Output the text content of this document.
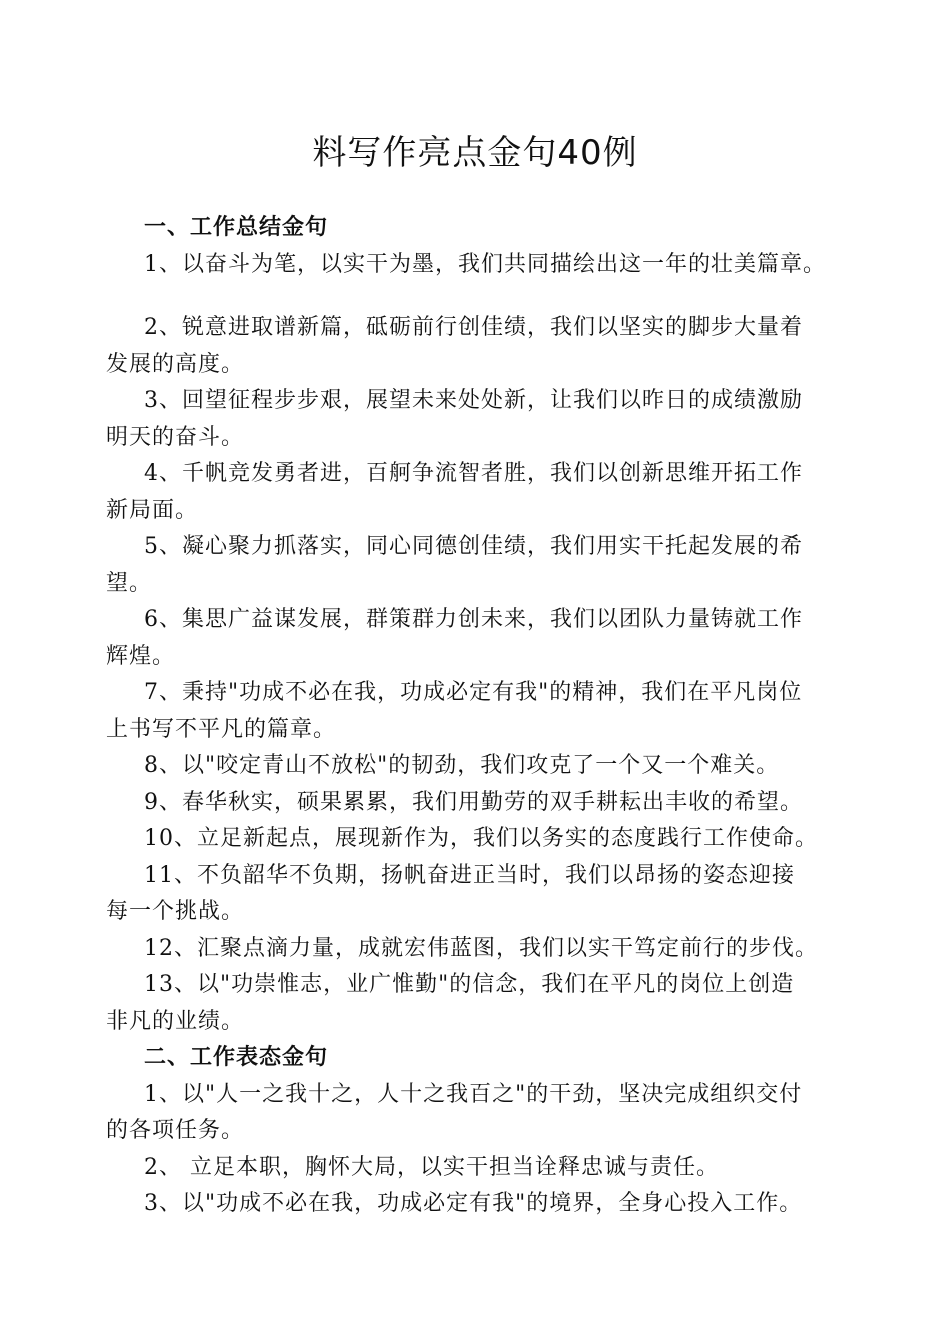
料写作亮点金句40例
一、工作总结金句
1、以奋斗为笔，以实干为墨，我们共同描绘出这一年的壮美篇章。
2、锐意进取谱新篇，砥砺前行创佳绩，我们以坚实的脚步大量着
发展的高度。
3、回望征程步步艰，展望未来处处新，让我们以昨日的成绩激励
明天的奋斗。
4、千帆竞发勇者进，百舸争流智者胜，我们以创新思维开拓工作
新局面。
5、凝心聚力抓落实，同心同德创佳绩，我们用实干托起发展的希
望。
6、集思广益谋发展，群策群力创未来，我们以团队力量铸就工作
辉煌。
7、秉持"功成不必在我，功成必定有我"的精神，我们在平凡岗位
上书写不平凡的篇章。
8、以"咬定青山不放松"的韧劲，我们攻克了一个又一个难关。
9、春华秋实，硕果累累，我们用勤劳的双手耕耘出丰收的希望。
10、立足新起点，展现新作为，我们以务实的态度践行工作使命。
11、不负韶华不负期，扬帆奋进正当时，我们以昂扬的姿态迎接
每一个挑战。
12、汇聚点滴力量，成就宏伟蓝图，我们以实干笃定前行的步伐。
13、以"功崇惟志，业广惟勤"的信念，我们在平凡的岗位上创造
非凡的业绩。
二、工作表态金句
1、以"人一之我十之，人十之我百之"的干劲，坚决完成组织交付
的各项任务。
2、 立足本职，胸怀大局，以实干担当诠释忠诚与责任。
3、以"功成不必在我，功成必定有我"的境界，全身心投入工作。
